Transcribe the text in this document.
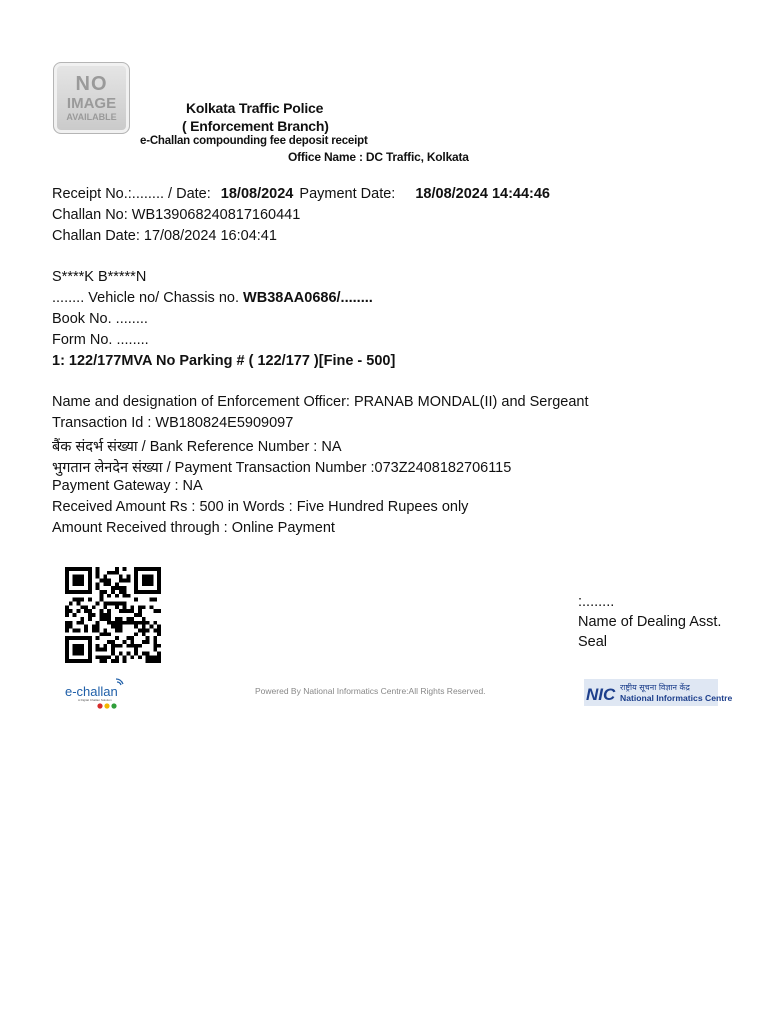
NO
IMAGE
AVAILABLE
Kolkata Traffic Police
( Enforcement Branch)
e-Challan compounding fee deposit receipt
Office Name : DC Traffic, Kolkata
Receipt No.:........ / Date: 18/08/2024 Payment Date: 18/08/2024 14:44:46
Challan No: WB139068240817160441
Challan Date: 17/08/2024 16:04:41
S****K B*****N
........ Vehicle no/ Chassis no. WB38AA0686/........
Book No. ........
Form No. ........
1: 122/177MVA No Parking # ( 122/177 )[Fine - 500]
Name and designation of Enforcement Officer: PRANAB MONDAL(II) and Sergeant
Transaction Id : WB180824E5909097
बैंक संदर्भ संख्या / Bank Reference Number : NA
भुगतान लेनदेन संख्या / Payment Transaction Number :073Z2408182706115
Payment Gateway : NA
Received Amount Rs : 500 in Words : Five Hundred Rupees only
Amount Received through : Online Payment
:........
Name of Dealing Asst.
Seal
e-challan
A Digital Challan Solution
Powered By National Informatics Centre:All Rights Reserved.	NIC राष्ट्रीय सूचना विज्ञान केंद्र
National Informatics Centre
